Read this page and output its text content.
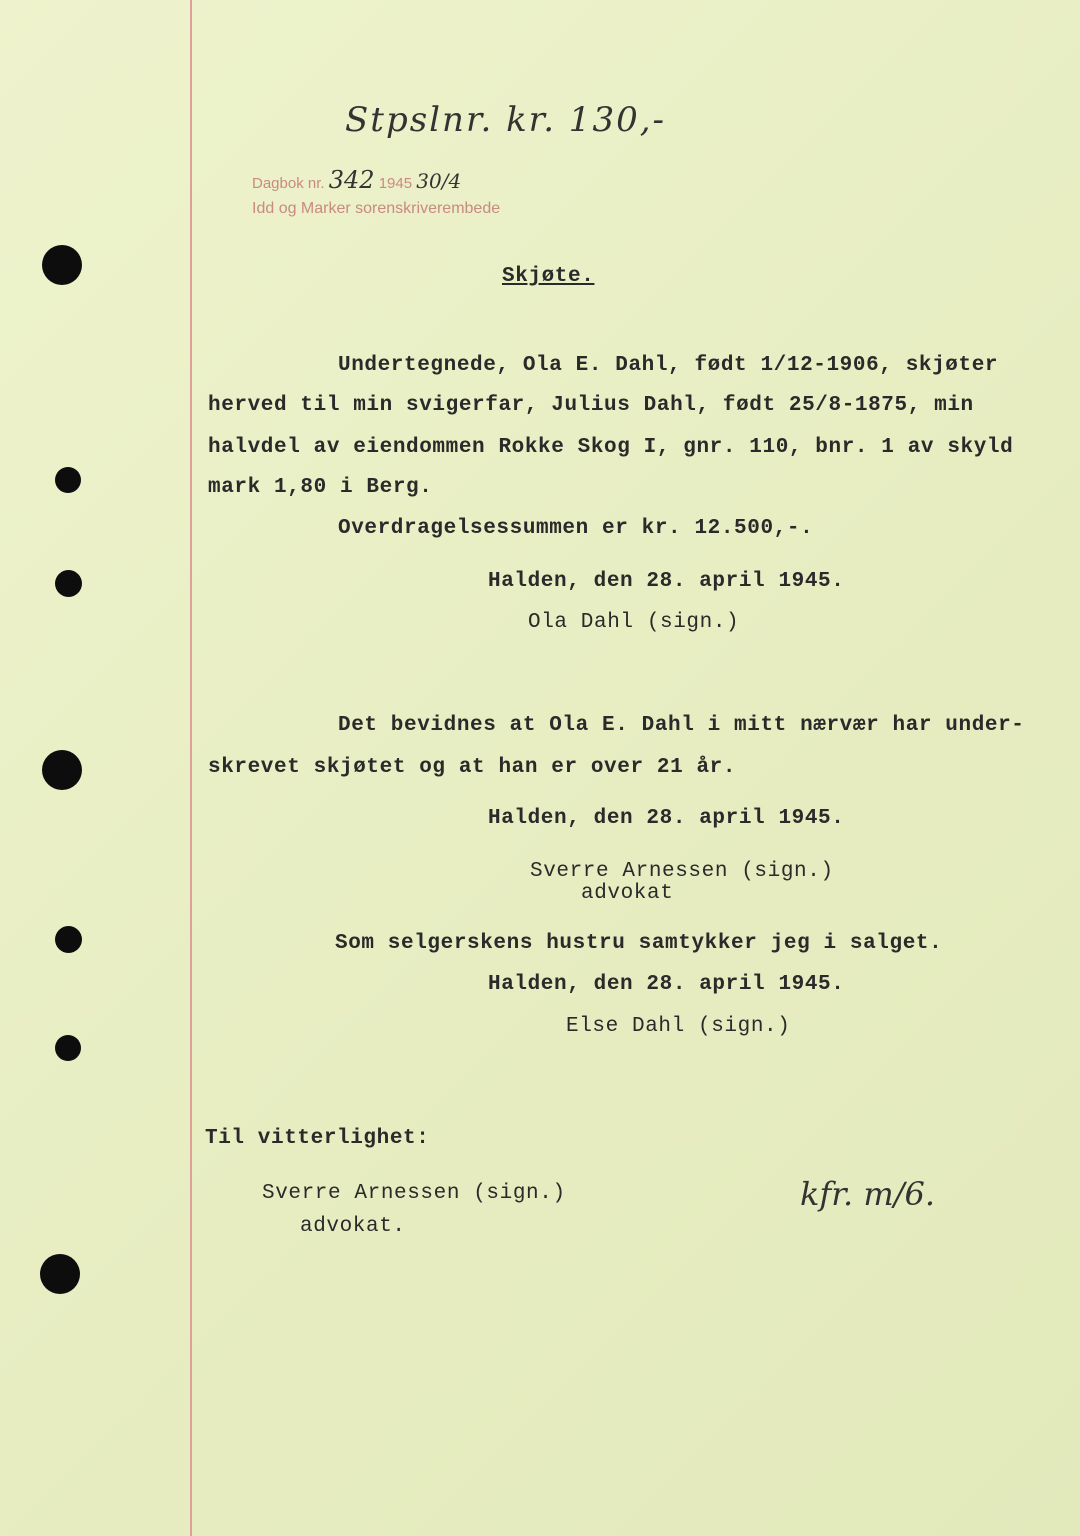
Stpslnr. kr. 130,-
Dagbok nr. 342 1945 30/4
Idd og Marker sorenskriverembede
Skjøte.
Undertegnede, Ola E. Dahl, født 1/12-1906, skjøter
herved til min svigerfar, Julius Dahl, født 25/8-1875, min
halvdel av eiendommen Rokke Skog I, gnr. 110, bnr. 1 av skyld
mark 1,80 i Berg.
Overdragelsessummen er kr. 12.500,-.
Halden, den 28. april 1945.
Ola Dahl (sign.)
Det bevidnes at Ola E. Dahl i mitt nærvær har under-
skrevet skjøtet og at han er over 21 år.
Halden, den 28. april 1945.
Sverre Arnessen (sign.)
advokat
Som selgerskens hustru samtykker jeg i salget.
Halden, den 28. april 1945.
Else Dahl (sign.)
Til vitterlighet:
Sverre Arnessen (sign.)
advokat.
kfr. m/6.
